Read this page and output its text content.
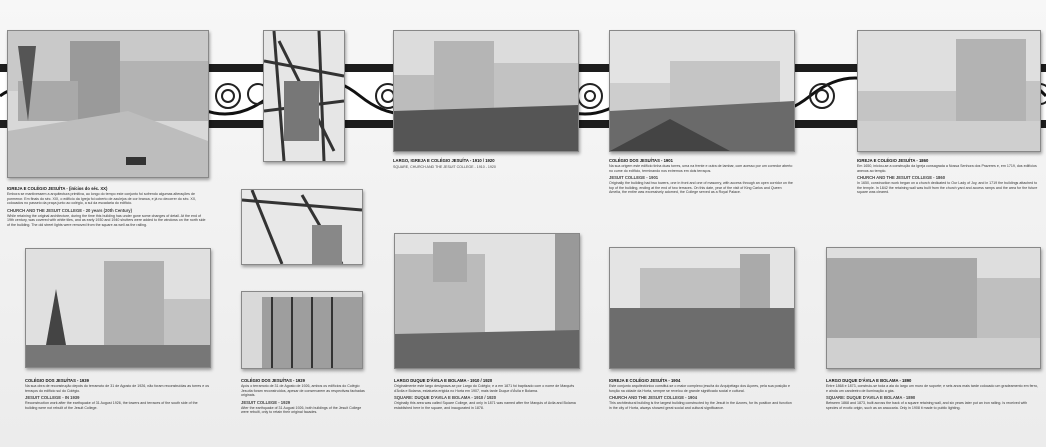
IGREJA E COLÉGIO JESUÍTA - (inícios do séc. XX)
Embora se mantivessem a arquitectura primitiva, ao longo do tempo este conjunto foi sofrendo algumas alterações de pormenor. Em finais do séc. XIX, o edifício da Igreja foi coberto de azulejos de cor branca, e já no decorrer do séc. XX, colocados no passeio da praça junto ao colégio, a sul da escadaria do edifício.
CHURCH AND THE JESUIT COLLEGE - 20 years (20th Century)
While retaining the original architecture, during the time this building has under gone some changes of detail. At the end of 19th century, was covered with white tiles, and as early 1930 and 1940 shutters were added to the windows on the north side of the building. The old street lights were removed from the square as well as the railing.
LARGO, IGREJA E COLÉGIO JESUÍTA - 1910 / 1920
SQUARE, CHURCH AND THE JESUIT COLLEGE - 1910 - 1920
COLÉGIO DOS JESUÍTAS - 1901
Na sua origem este edifício tinha duas torres, uma na frente e outra de lambar, com acesso por um corredor aberto no cume do edifício, terminando nos extremos em dois terraços.
JESUIT COLLEGE - 1901
Originally the building had two towers, one in front and one of masonry, with access through an open corridor on the top of the building, ending at the end of two terraces. On this date, year of the visit of King Carlos and Queen Amelia, the entire was excessively adorned, the College served as a Royal Palace.
IGREJA E COLÉGIO JESUÍTA - 1860
Em 1650, iniciou-se a construção da Igreja consagrada a Nossa Senhora dos Prazeres e, em 1719, dos edifícios anexos ao templo.
CHURCH AND THE JESUIT COLLEGE - 1860
In 1650, construction work began on a church dedicated to Our Lady of Joy, and in 1719 the buildings attached to the temple. In 1842 the retaining wall was built from the church yard and access ramps and the area for the future square was cleared.
COLÉGIO DOS JESUÍTAS - 1939
Na sua obra de reconstrução depois do terramoto de 31 de Agosto de 1926, não foram reconstruídas as torres e os terraços do edifício sul do Colégio.
JESUIT COLLEGE - IN 1939
Reconstruction work after the earthquake of 31 August 1926, the towers and terraces of the south side of the building were not rebuilt of the Jesuit College.
COLÉGIO DOS JESUÍTAS - 1929
Após o terramoto de 31 de Agosto de 1926, ambos os edifícios do Colégio Jesuíta foram reconstruídos, apesar de conservarem as respectivas fachadas originais.
JESUIT COLLEGE - 1929
After the earthquake of 31 August 1926, both buildings of the Jesuit College were rebuilt, only to retain their original facades.
LARGO DUQUE D'ÁVILA E BOLAMA - 1910 / 1920
Originalmente este largo designava-se por Largo do Colégio; e a em 1871 foi baptizado com o nome de Marquês d'Ávila e Bolama, estatueta erigida no Horta em 1907, mais tarde Duque d'Ávila e Bolama.
SQUARE: DUQUE D'AVILA E BOLAMA - 1910 / 1920
Originally this area was called Square College, and only in 1871 was named after the Marquis of Avila and Bolama established here in the square, and inaugurated in 1878.
IGREJA E COLÉGIO JESUÍTA - 1904
Este conjunto arquitectónico constitui-se o maior complexo jesuíta do Arquipélago dos Açores, pela sua posição e função na cidade da Horta, sempre se revelou de grande significado social e cultural.
CHURCH AND THE JESUIT COLLEGE - 1904
This architectural building is the largest building constructed by the Jesuit in the Azores, for its position and function in the city of Horta, always showed great social and cultural significance.
LARGO DUQUE D'ÁVILA E BOLAMA - 1890
Entre 1868 e 1873, construiu-se toda a ala do largo um muro de suporte; e seis anos mais tarde colocado um gradeamento em ferro, e ainda um candeeiro de iluminação a gás.
SQUARE: DUQUE D'AVILA E BOLAMA - 1890
Between 1868 and 1873, built across the back of a square retaining wall, and six years later put an iron railing. Is received with species of exotic origin, such as an araucaria. Only in 1908 it made to public lighting.
